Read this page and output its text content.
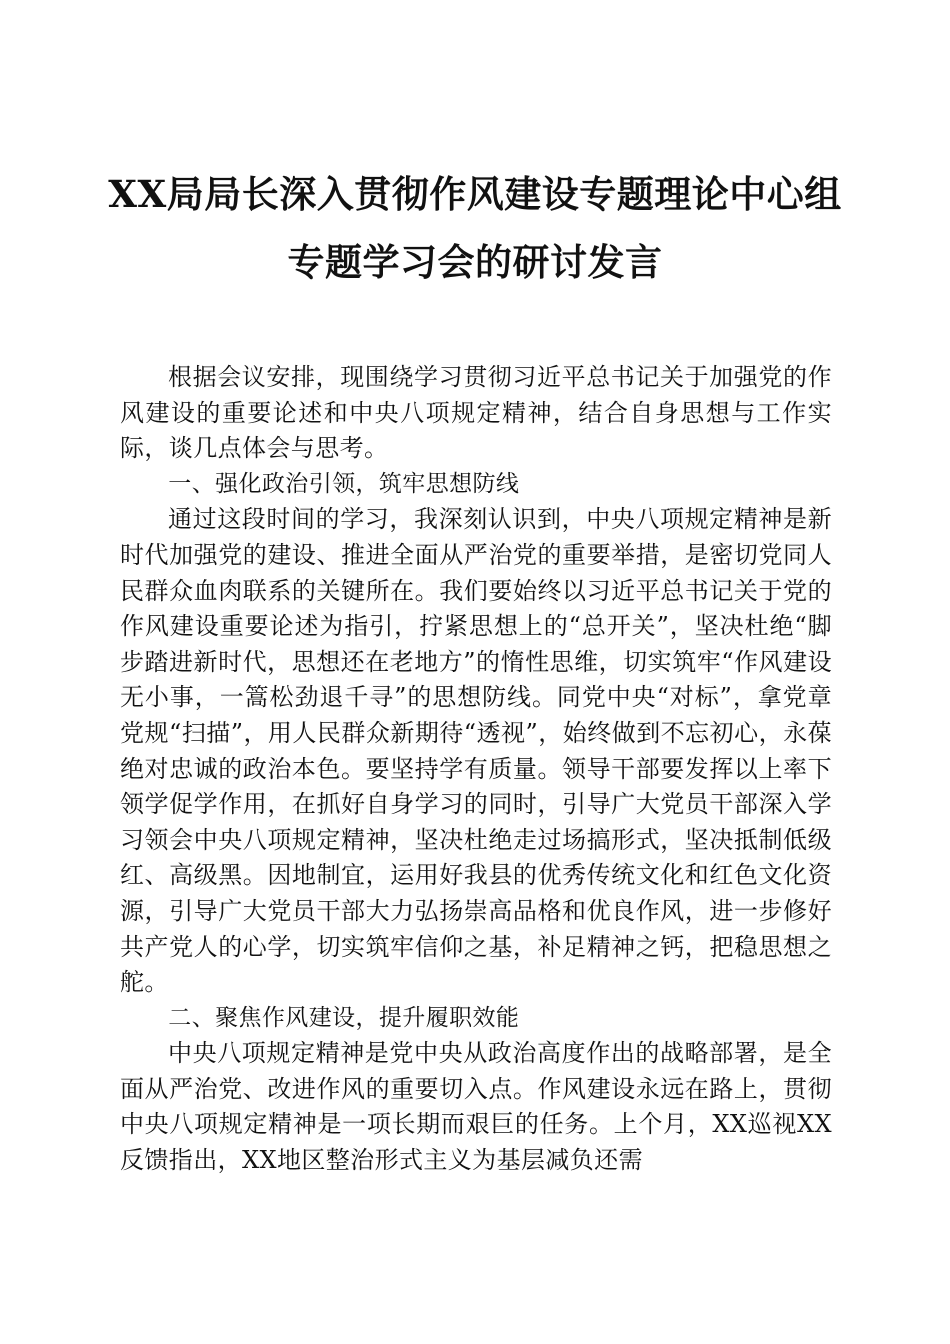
XX局局长深入贯彻作风建设专题理论中心组
专题学习会的研讨发言

根据会议安排，现围绕学习贯彻习近平总书记关于加强党的作风建设的重要论述和中央八项规定精神，结合自身思想与工作实际，谈几点体会与思考。

一、强化政治引领，筑牢思想防线

通过这段时间的学习，我深刻认识到，中央八项规定精神是新时代加强党的建设、推进全面从严治党的重要举措，是密切党同人民群众血肉联系的关键所在。我们要始终以习近平总书记关于党的作风建设重要论述为指引，拧紧思想上的“总开关”，坚决杜绝“脚步踏进新时代，思想还在老地方”的惰性思维，切实筑牢“作风建设无小事，一篙松劲退千寻”的思想防线。同党中央“对标”，拿党章党规“扫描”，用人民群众新期待“透视”，始终做到不忘初心，永葆绝对忠诚的政治本色。要坚持学有质量。领导干部要发挥以上率下领学促学作用，在抓好自身学习的同时，引导广大党员干部深入学习领会中央八项规定精神，坚决杜绝走过场搞形式，坚决抵制低级红、高级黑。因地制宜，运用好我县的优秀传统文化和红色文化资源，引导广大党员干部大力弘扬崇高品格和优良作风，进一步修好共产党人的心学，切实筑牢信仰之基，补足精神之钙，把稳思想之舵。

二、聚焦作风建设，提升履职效能

中央八项规定精神是党中央从政治高度作出的战略部署，是全面从严治党、改进作风的重要切入点。作风建设永远在路上，贯彻中央八项规定精神是一项长期而艰巨的任务。上个月，XX巡视XX反馈指出，XX地区整治形式主义为基层减负还需
